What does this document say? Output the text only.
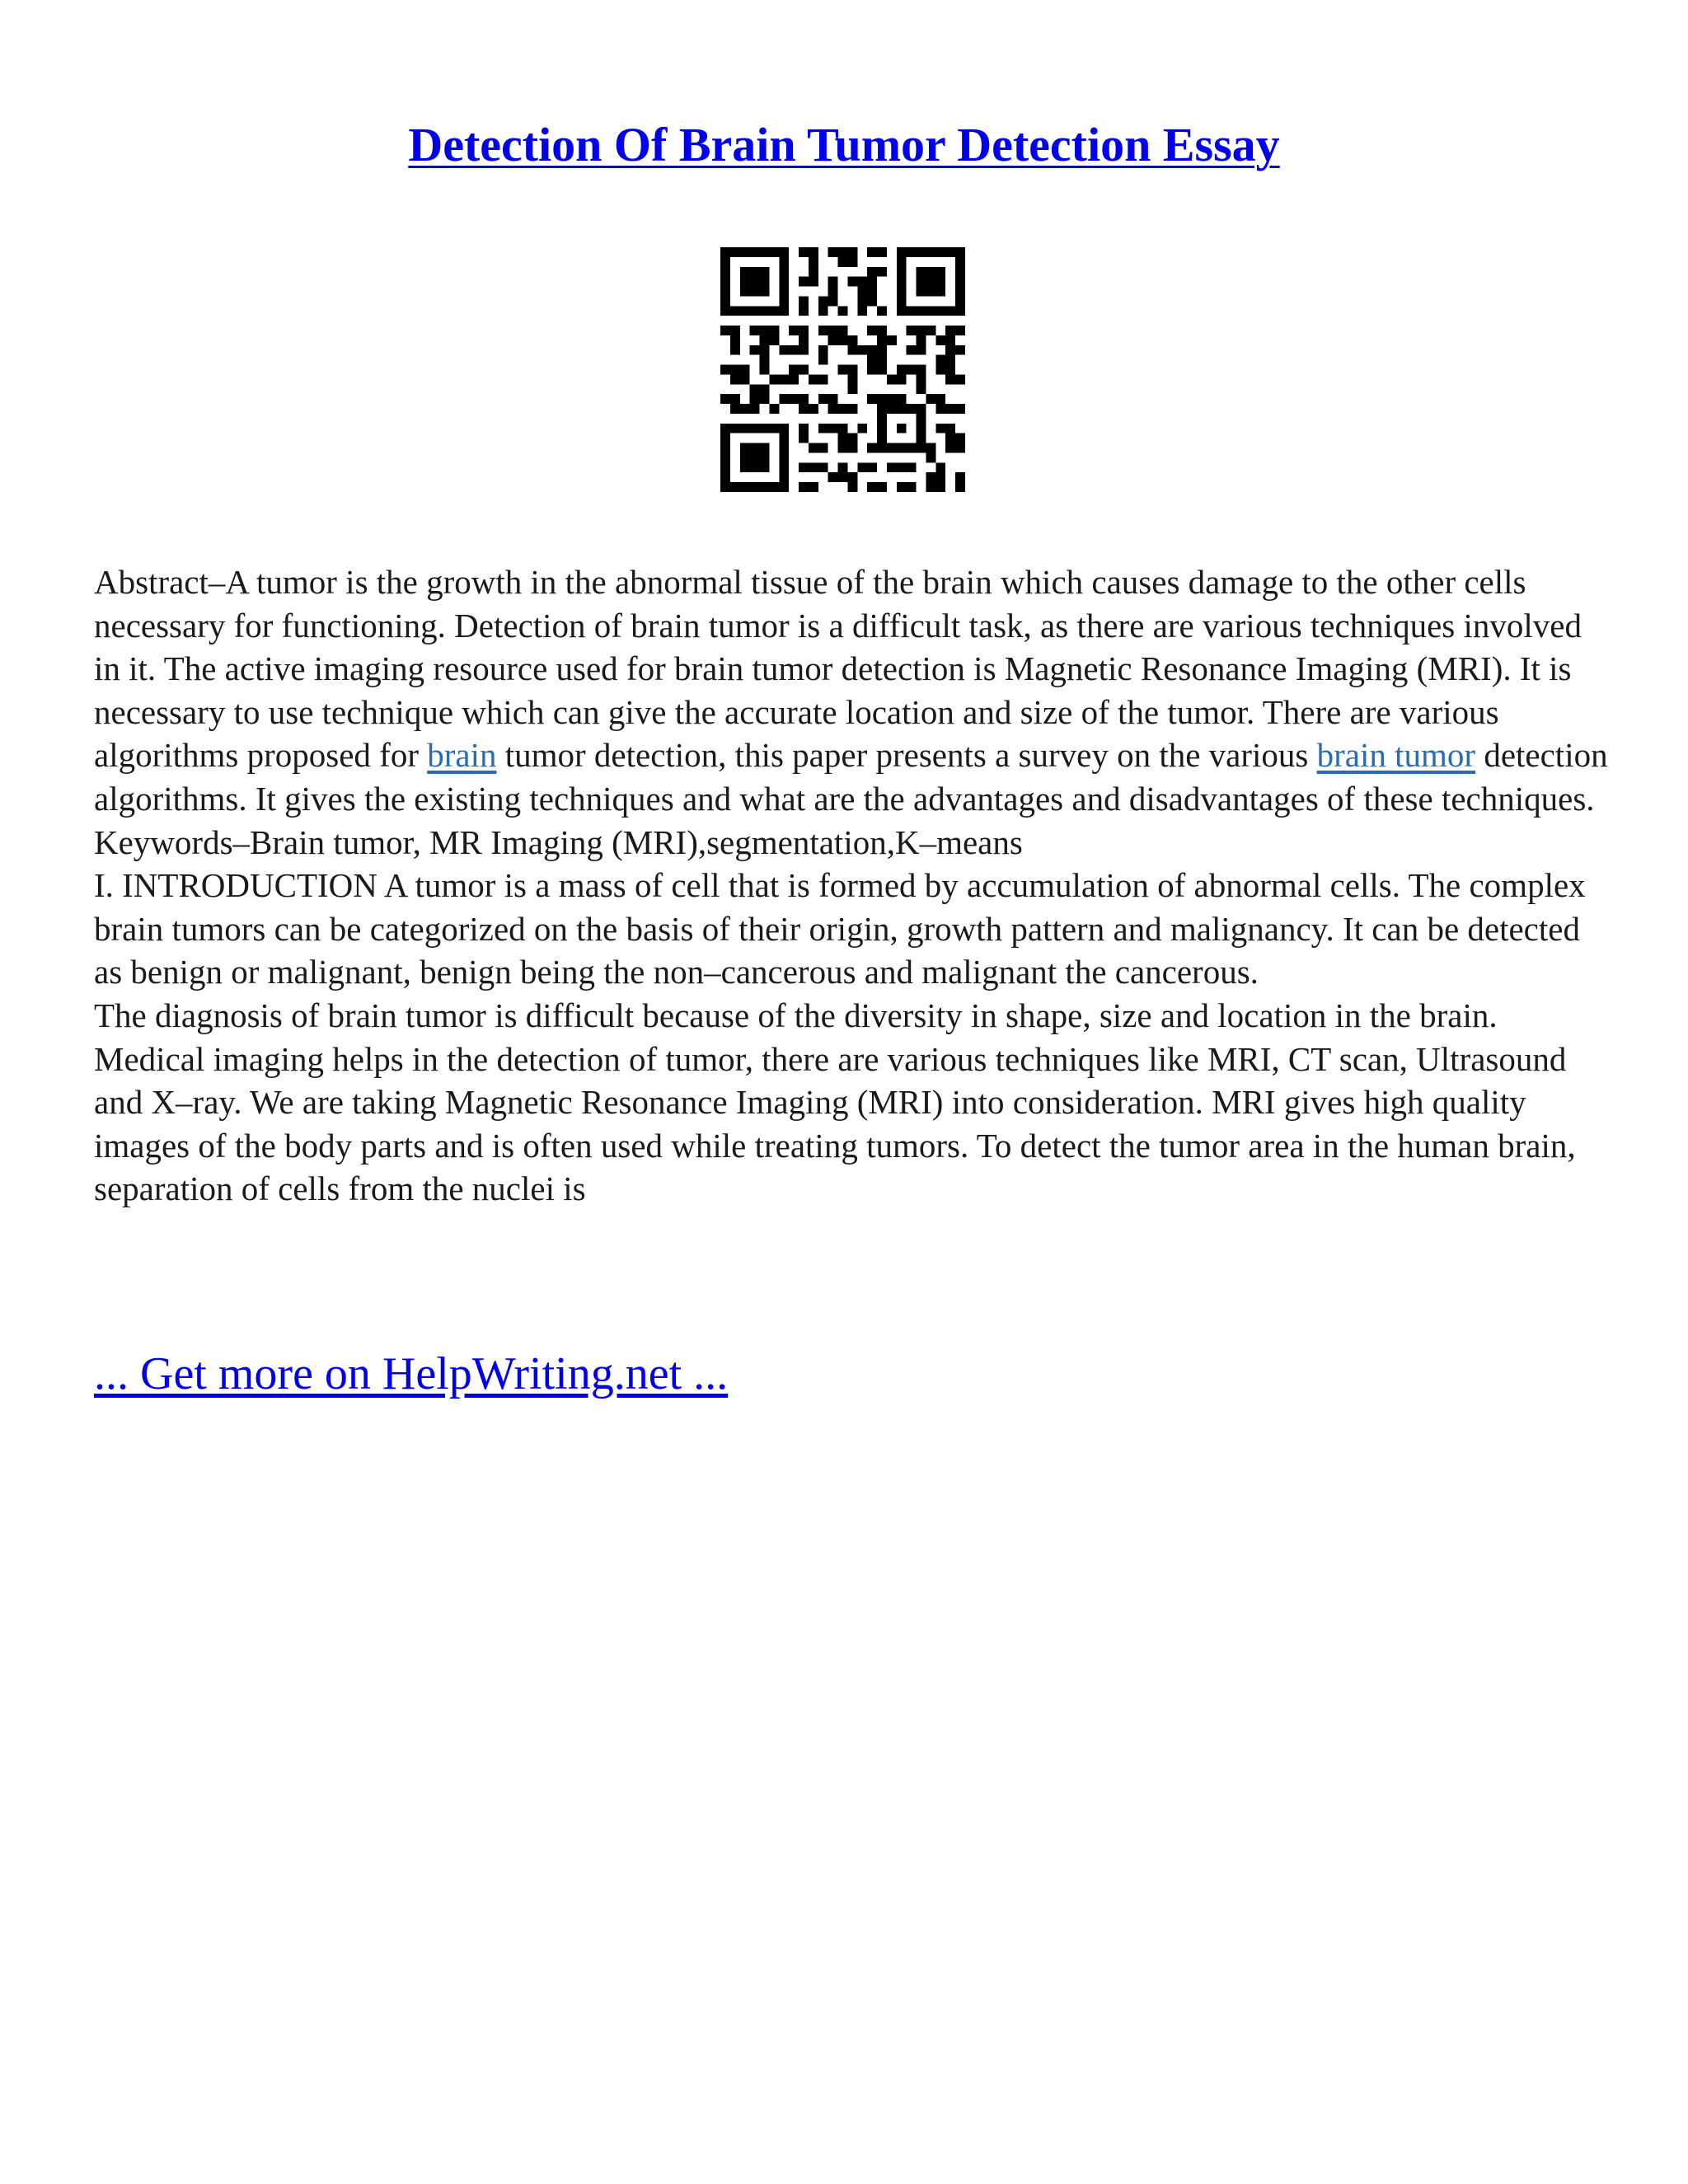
Detection Of Brain Tumor Detection Essay

Abstract–A tumor is the growth in the abnormal tissue of the brain which causes damage to the other cells necessary for functioning. Detection of brain tumor is a difficult task, as there are various techniques involved in it. The active imaging resource used for brain tumor detection is Magnetic Resonance Imaging (MRI). It is necessary to use technique which can give the accurate location and size of the tumor. There are various algorithms proposed for brain tumor detection, this paper presents a survey on the various brain tumor detection algorithms. It gives the existing techniques and what are the advantages and disadvantages of these techniques.

Keywords–Brain tumor, MR Imaging (MRI),segmentation,K–means

I. INTRODUCTION A tumor is a mass of cell that is formed by accumulation of abnormal cells. The complex brain tumors can be categorized on the basis of their origin, growth pattern and malignancy. It can be detected as benign or malignant, benign being the non–cancerous and malignant the cancerous.

The diagnosis of brain tumor is difficult because of the diversity in shape, size and location in the brain. Medical imaging helps in the detection of tumor, there are various techniques like MRI, CT scan, Ultrasound and X–ray. We are taking Magnetic Resonance Imaging (MRI) into consideration. MRI gives high quality images of the body parts and is often used while treating tumors. To detect the tumor area in the human brain, separation of cells from the nuclei is

... Get more on HelpWriting.net ...
